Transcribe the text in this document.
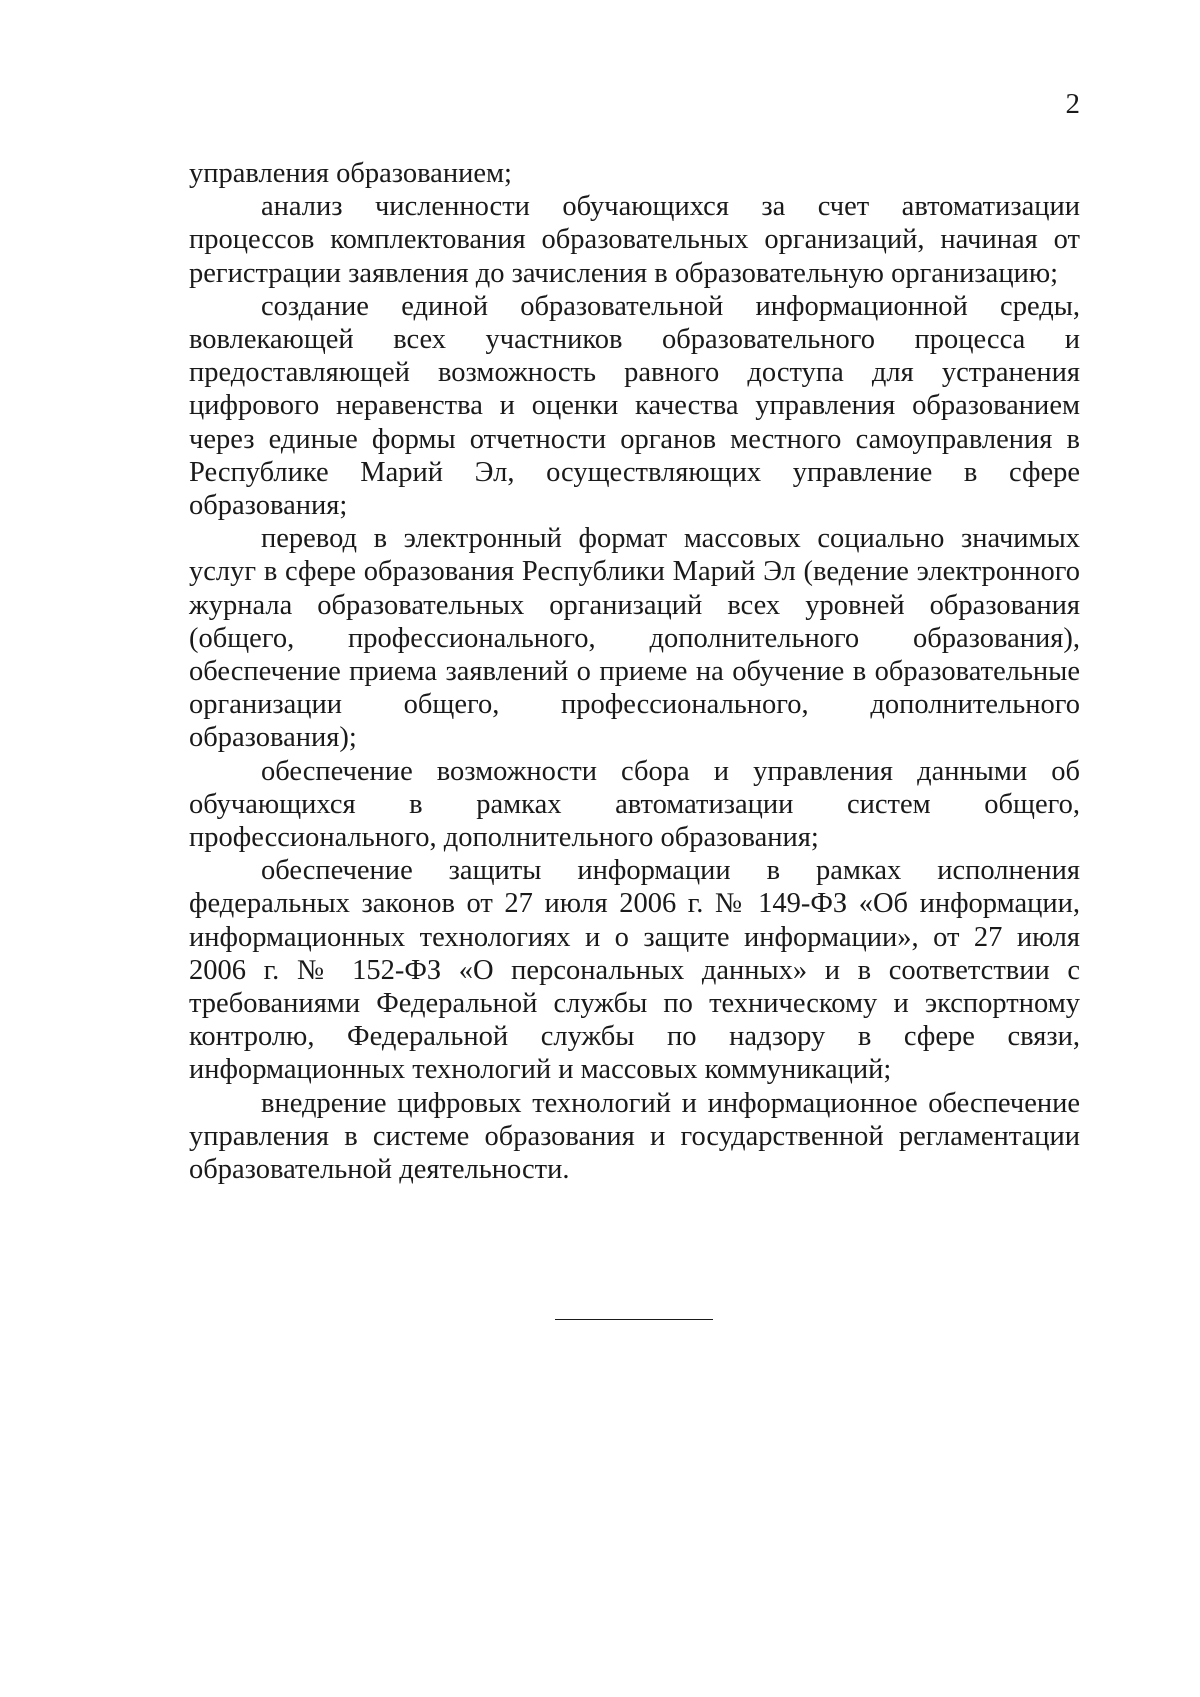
2

управления образованием;

анализ численности обучающихся за счет автоматизации процессов комплектования образовательных организаций, начиная от регистрации заявления до зачисления в образовательную организацию;

создание единой образовательной информационной среды, вовлекающей всех участников образовательного процесса и предоставляющей возможность равного доступа для устранения цифрового неравенства и оценки качества управления образованием через единые формы отчетности органов местного самоуправления в Республике Марий Эл, осуществляющих управление в сфере образования;

перевод в электронный формат массовых социально значимых услуг в сфере образования Республики Марий Эл (ведение электронного журнала образовательных организаций всех уровней образования (общего, профессионального, дополнительного образования), обеспечение приема заявлений о приеме на обучение в образовательные организации общего, профессионального, дополнительного образования);

обеспечение возможности сбора и управления данными об обучающихся в рамках автоматизации систем общего, профессионального, дополнительного образования;

обеспечение защиты информации в рамках исполнения федеральных законов от 27 июля 2006 г. № 149-ФЗ «Об информации, информационных технологиях и о защите информации», от 27 июля 2006 г. № 152-ФЗ «О персональных данных» и в соответствии с требованиями Федеральной службы по техническому и экспортному контролю, Федеральной службы по надзору в сфере связи, информационных технологий и массовых коммуникаций;

внедрение цифровых технологий и информационное обеспечение управления в системе образования и государственной регламентации образовательной деятельности.
